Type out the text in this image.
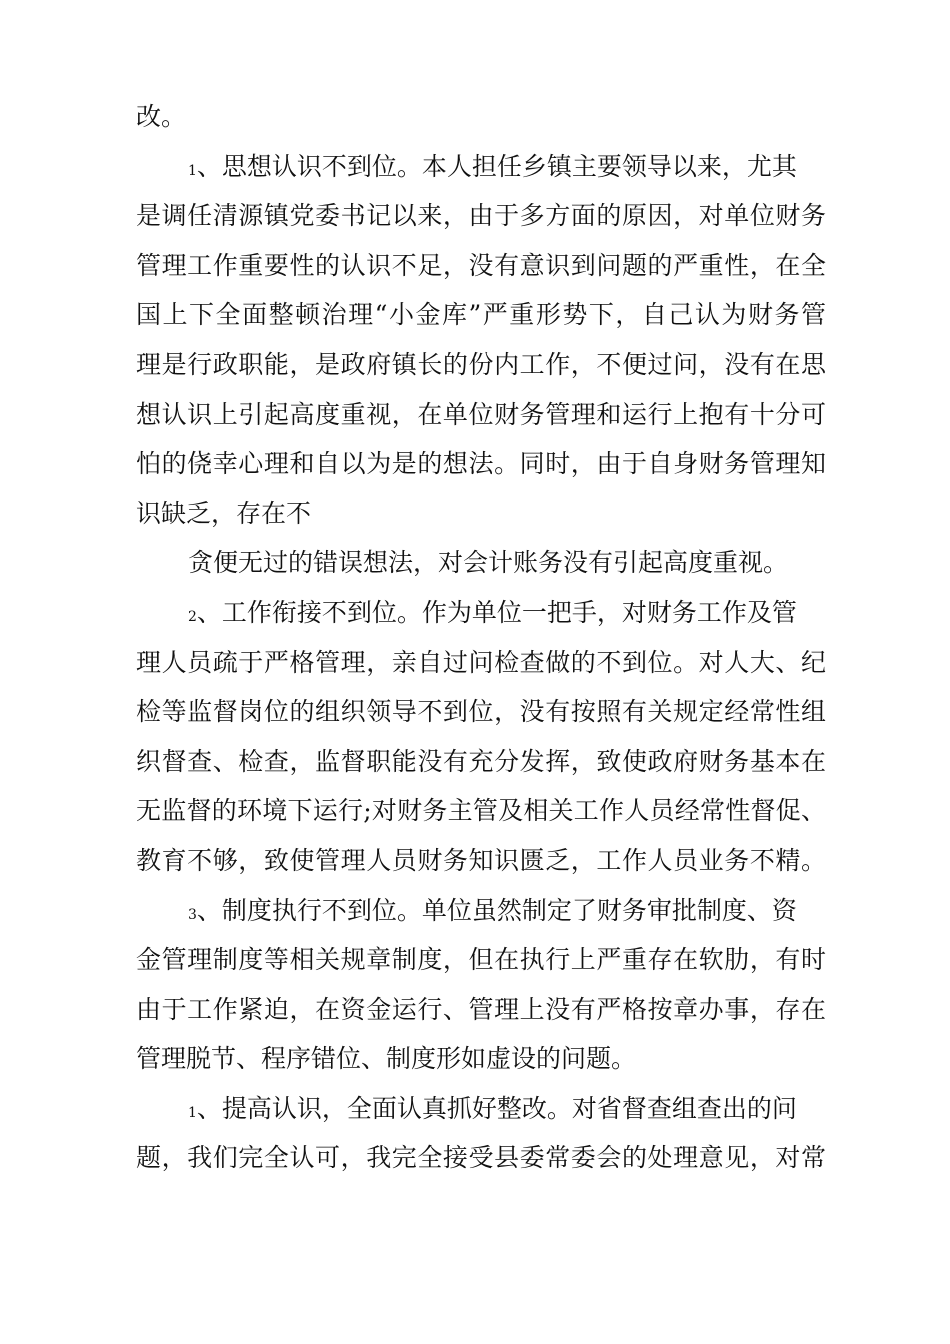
改。
1、思想认识不到位。本人担任乡镇主要领导以来，尤其
是调任清源镇党委书记以来，由于多方面的原因，对单位财务
管理工作重要性的认识不足，没有意识到问题的严重性，在全
国上下全面整顿治理“小金库”严重形势下，自己认为财务管
理是行政职能，是政府镇长的份内工作，不便过问，没有在思
想认识上引起高度重视，在单位财务管理和运行上抱有十分可
怕的侥幸心理和自以为是的想法。同时，由于自身财务管理知
识缺乏，存在不
贪便无过的错误想法，对会计账务没有引起高度重视。
2、工作衔接不到位。作为单位一把手，对财务工作及管
理人员疏于严格管理，亲自过问检查做的不到位。对人大、纪
检等监督岗位的组织领导不到位，没有按照有关规定经常性组
织督查、检查，监督职能没有充分发挥，致使政府财务基本在
无监督的环境下运行;对财务主管及相关工作人员经常性督促、
教育不够，致使管理人员财务知识匮乏，工作人员业务不精。
3、制度执行不到位。单位虽然制定了财务审批制度、资
金管理制度等相关规章制度，但在执行上严重存在软肋，有时
由于工作紧迫，在资金运行、管理上没有严格按章办事，存在
管理脱节、程序错位、制度形如虚设的问题。
1、提高认识，全面认真抓好整改。对省督查组查出的问
题，我们完全认可，我完全接受县委常委会的处理意见，对常
